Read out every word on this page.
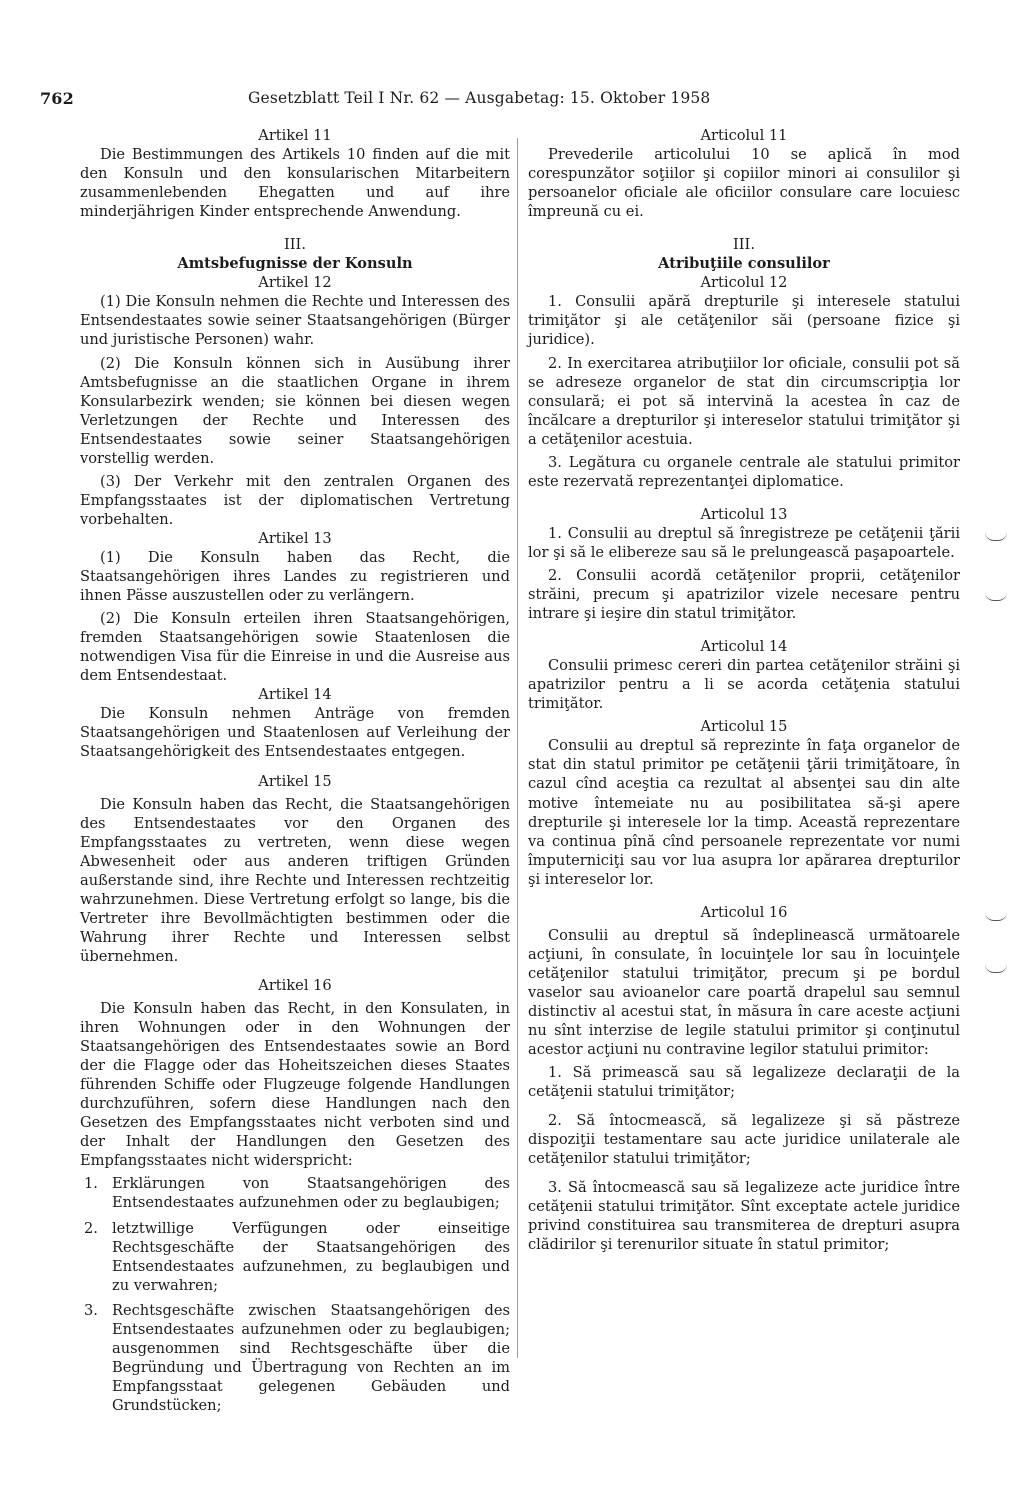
762	Gesetzblatt Teil I Nr. 62 — Ausgabetag: 15. Oktober 1958

Artikel 11

Die Bestimmungen des Artikels 10 finden auf die mit den Konsuln und den konsularischen Mitarbeitern zusammenlebenden Ehegatten und auf ihre minderjährigen Kinder entsprechende Anwendung.

III.

Amtsbefugnisse der Konsuln

Artikel 12

(1) Die Konsuln nehmen die Rechte und Interessen des Entsendestaates sowie seiner Staatsangehörigen (Bürger und juristische Personen) wahr.

(2) Die Konsuln können sich in Ausübung ihrer Amtsbefugnisse an die staatlichen Organe in ihrem Konsularbezirk wenden; sie können bei diesen wegen Verletzungen der Rechte und Interessen des Entsendestaates sowie seiner Staatsangehörigen vorstellig werden.

(3) Der Verkehr mit den zentralen Organen des Empfangsstaates ist der diplomatischen Vertretung vorbehalten.

Artikel 13

(1) Die Konsuln haben das Recht, die Staatsangehörigen ihres Landes zu registrieren und ihnen Pässe auszustellen oder zu verlängern.

(2) Die Konsuln erteilen ihren Staatsangehörigen, fremden Staatsangehörigen sowie Staatenlosen die notwendigen Visa für die Einreise in und die Ausreise aus dem Entsendestaat.

Artikel 14

Die Konsuln nehmen Anträge von fremden Staatsangehörigen und Staatenlosen auf Verleihung der Staatsangehörigkeit des Entsendestaates entgegen.

Artikel 15

Die Konsuln haben das Recht, die Staatsangehörigen des Entsendestaates vor den Organen des Empfangsstaates zu vertreten, wenn diese wegen Abwesenheit oder aus anderen triftigen Gründen außerstande sind, ihre Rechte und Interessen rechtzeitig wahrzunehmen. Diese Vertretung erfolgt so lange, bis die Vertreter ihre Bevollmächtigten bestimmen oder die Wahrung ihrer Rechte und Interessen selbst übernehmen.

Artikel 16

Die Konsuln haben das Recht, in den Konsulaten, in ihren Wohnungen oder in den Wohnungen der Staatsangehörigen des Entsendestaates sowie an Bord der die Flagge oder das Hoheitszeichen dieses Staates führenden Schiffe oder Flugzeuge folgende Handlungen durchzuführen, sofern diese Handlungen nach den Gesetzen des Empfangsstaates nicht verboten sind und der Inhalt der Handlungen den Gesetzen des Empfangsstaates nicht widerspricht:

1. Erklärungen von Staatsangehörigen des Entsendestaates aufzunehmen oder zu beglaubigen;
2. letztwillige Verfügungen oder einseitige Rechtsgeschäfte der Staatsangehörigen des Entsendestaates aufzunehmen, zu beglaubigen und zu verwahren;
3. Rechtsgeschäfte zwischen Staatsangehörigen des Entsendestaates aufzunehmen oder zu beglaubigen; ausgenommen sind Rechtsgeschäfte über die Begründung und Übertragung von Rechten an im Empfangsstaat gelegenen Gebäuden und Grundstücken;

Articolul 11

Prevederile articolului 10 se aplică în mod corespunzător soţiilor şi copiilor minori ai consulilor şi persoanelor oficiale ale oficiilor consulare care locuiesc împreună cu ei.

III.

Atribuţiile consulilor

Articolul 12

1. Consulii apără drepturile şi interesele statului trimiţător şi ale cetăţenilor săi (persoane fizice şi juridice).

2. In exercitarea atribuţiilor lor oficiale, consulii pot să se adreseze organelor de stat din circumscripţia lor consulară; ei pot să intervină la acestea în caz de încălcare a drepturilor şi intereselor statului trimiţător şi a cetăţenilor acestuia.

3. Legătura cu organele centrale ale statului primitor este rezervată reprezentanţei diplomatice.

Articolul 13

1. Consulii au dreptul să înregistreze pe cetăţenii ţării lor şi să le elibereze sau să le prelungească paşapoartele.

2. Consulii acordă cetăţenilor proprii, cetăţenilor străini, precum şi apatrizilor vizele necesare pentru intrare şi ieşire din statul trimiţător.

Articolul 14

Consulii primesc cereri din partea cetăţenilor străini şi apatrizilor pentru a li se acorda cetăţenia statului trimiţător.

Articolul 15

Consulii au dreptul să reprezinte în faţa organelor de stat din statul primitor pe cetăţenii ţării trimiţătoare, în cazul cînd aceştia ca rezultat al absenţei sau din alte motive întemeiate nu au posibilitatea să-şi apere drepturile şi interesele lor la timp. Această reprezentare va continua pînă cînd persoanele reprezentate vor numi împuterniciţi sau vor lua asupra lor apărarea drepturilor şi intereselor lor.

Articolul 16

Consulii au dreptul să îndeplinească următoarele acţiuni, în consulate, în locuinţele lor sau în locuinţele cetăţenilor statului trimiţător, precum şi pe bordul vaselor sau avioanelor care poartă drapelul sau semnul distinctiv al acestui stat, în măsura în care aceste acţiuni nu sînt interzise de legile statului primitor şi conţinutul acestor acţiuni nu contravine legilor statului primitor:

1. Să primească sau să legalizeze declaraţii de la cetăţenii statului trimiţător;

2. Să întocmească, să legalizeze şi să păstreze dispoziţii testamentare sau acte juridice unilaterale ale cetăţenilor statului trimiţător;

3. Să întocmească sau să legalizeze acte juridice între cetăţenii statului trimiţător. Sînt exceptate actele juridice privind constituirea sau transmiterea de drepturi asupra clădirilor şi terenurilor situate în statul primitor;
